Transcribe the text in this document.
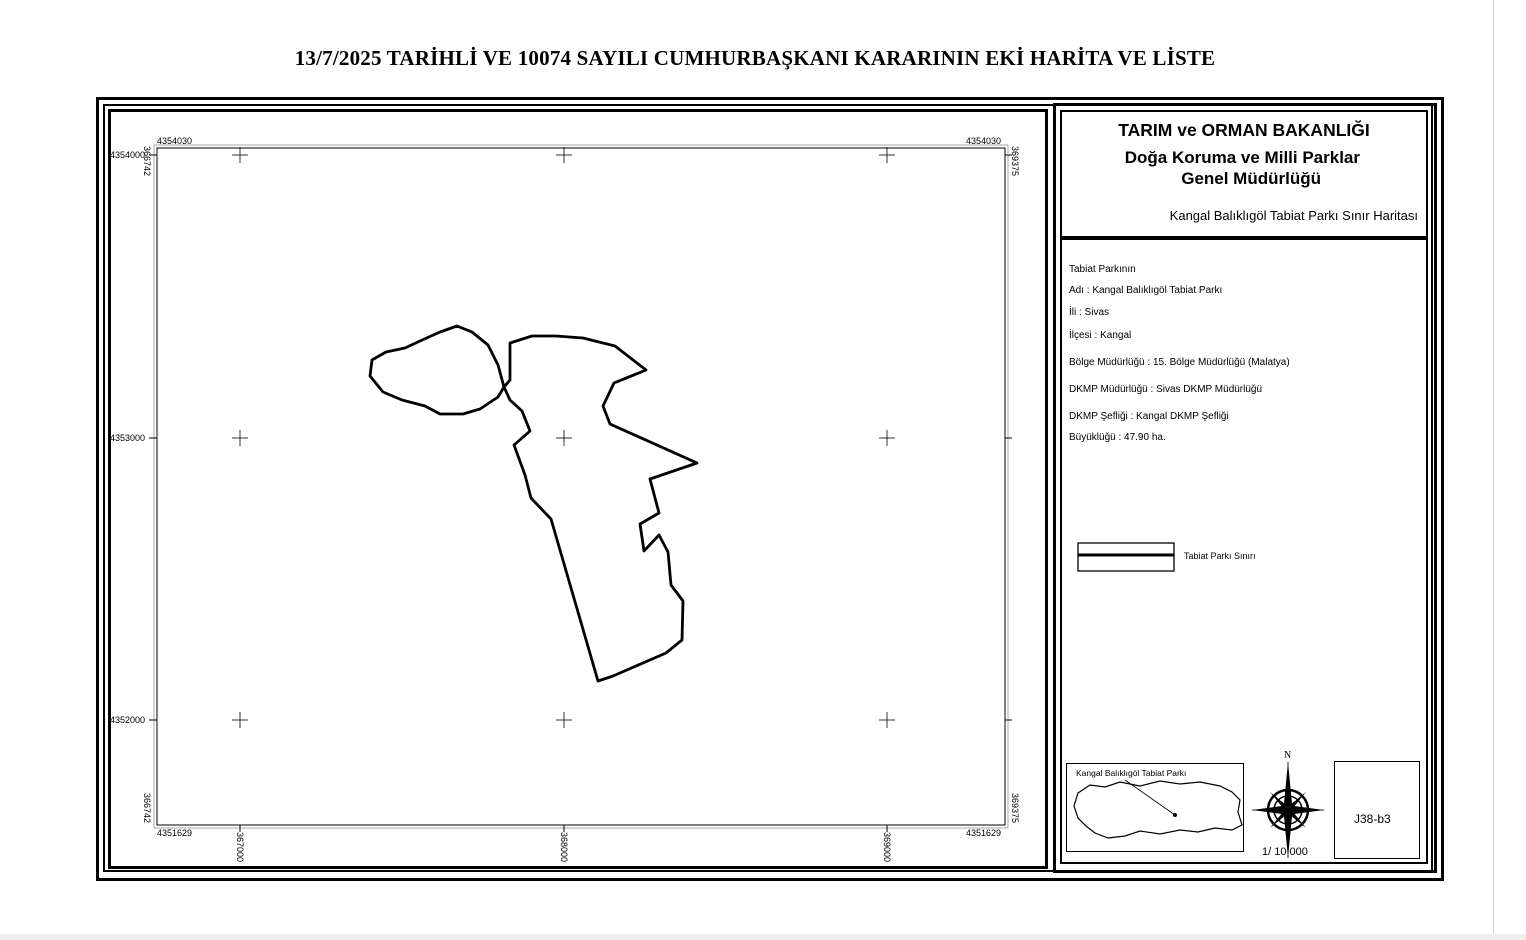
13/7/2025 TARİHLİ VE 10074 SAYILI CUMHURBAŞKANI KARARININ EKİ HARİTA VE LİSTE
4354030	4354030
4351629	4351629
366742	369375
366742	369375
4354000
4353000
4352000
367000	368000	369000
TARIM ve ORMAN BAKANLIĞI
Doğa Koruma ve Milli Parklar
Genel Müdürlüğü
Kangal Balıklıgöl Tabiat Parkı Sınır Haritası
Tabiat Parkının
Adı : Kangal Balıklıgöl Tabiat Parkı
İli : Sivas
İlçesi : Kangal
Bölge Müdürlüğü : 15. Bölge Müdürlüğü (Malatya)
DKMP Müdürlüğü : Sivas DKMP Müdürlüğü
DKMP Şefliği : Kangal DKMP Şefliği
Büyüklüğü : 47.90 ha.
Tabiat Parkı Sınırı
Kangal Balıklıgöl Tabiat Parkı
N
1/ 10 000
J38-b3
